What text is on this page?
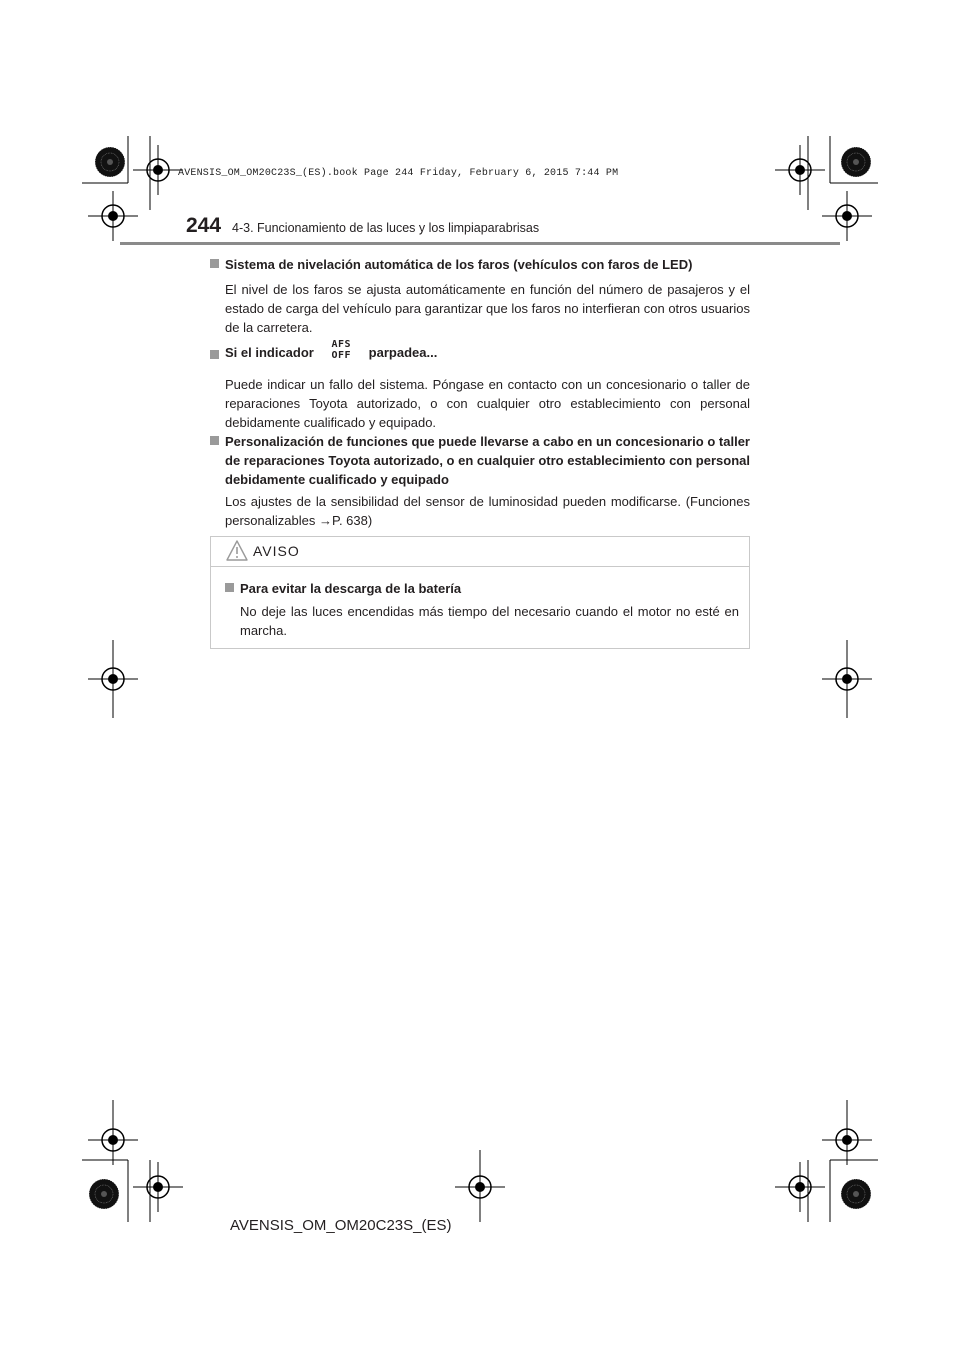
AVENSIS_OM_OM20C23S_(ES).book Page 244 Friday, February 6, 2015 7:44 PM
244 4-3. Funcionamiento de las luces y los limpiaparabrisas
Sistema de nivelación automática de los faros (vehículos con faros de LED)
El nivel de los faros se ajusta automáticamente en función del número de pasajeros y el estado de carga del vehículo para garantizar que los faros no interfieran con otros usuarios de la carretera.
Si el indicador AFS
OFF parpadea...
Puede indicar un fallo del sistema. Póngase en contacto con un concesionario o taller de reparaciones Toyota autorizado, o con cualquier otro establecimiento con personal debidamente cualificado y equipado.
Personalización de funciones que puede llevarse a cabo en un concesionario o taller de reparaciones Toyota autorizado, o en cualquier otro establecimiento con personal debidamente cualificado y equipado
Los ajustes de la sensibilidad del sensor de luminosidad pueden modificarse. (Funciones personalizables →P. 638)
AVISO
Para evitar la descarga de la batería
No deje las luces encendidas más tiempo del necesario cuando el motor no esté en marcha.
AVENSIS_OM_OM20C23S_(ES)
